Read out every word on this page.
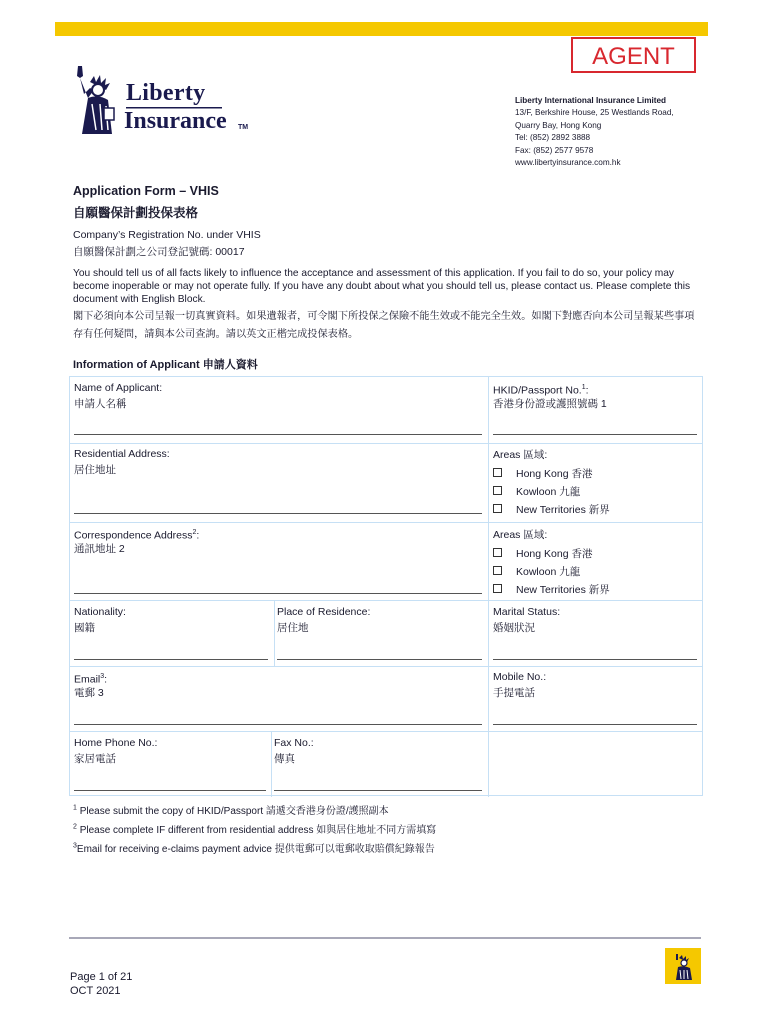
AGENT
Liberty
Insurance TM
Liberty International Insurance Limited
13/F, Berkshire House, 25 Westlands Road,
Quarry Bay, Hong Kong
Tel: (852) 2892 3888
Fax: (852) 2577 9578
www.libertyinsurance.com.hk
Application Form – VHIS
自願醫保計劃投保表格
Company’s Registration No. under VHIS
自願醫保計劃之公司登記號碼: 00017
You should tell us of all facts likely to influence the acceptance and assessment of this application. If you fail to do so, your policy may become inoperable or may not operate fully. If you have any doubt about what you should tell us, please contact us. Please complete this document with English Block.
閣下必須向本公司呈報一切真實資料。如果遺報者，可令閣下所投保之保險不能生效或不能完全生效。如閣下對應否向本公司呈報某些事項存有任何疑問，請與本公司查詢。請以英文正楷完成投保表格。
Information of Applicant 申請人資料
Name of Applicant:
申請人名稱
HKID/Passport No.$^1$:
香港身份證或護照號碼 1
Residential Address:
居住地址
Areas 區域:
Hong Kong 香港
Kowloon 九龍
New Territories 新界
Correspondence Address$^2$:
通訊地址 2
Areas 區域:
Hong Kong 香港
Kowloon 九龍
New Territories 新界
Nationality:
國籍
Place of Residence:
居住地
Marital Status:
婚姻狀況
Email$^3$:
電郵 3
Mobile No.:
手提電話
Home Phone No.:
家居電話
Fax No.:
傳真
$^1$ Please submit the copy of HKID/Passport 請遞交香港身份證/護照副本
$^2$ Please complete IF different from residential address 如與居住地址不同方需填寫
$^3$Email for receiving e-claims payment advice 提供電郵可以電郵收取賠償紀錄報告
Page 1 of 21
OCT 2021
